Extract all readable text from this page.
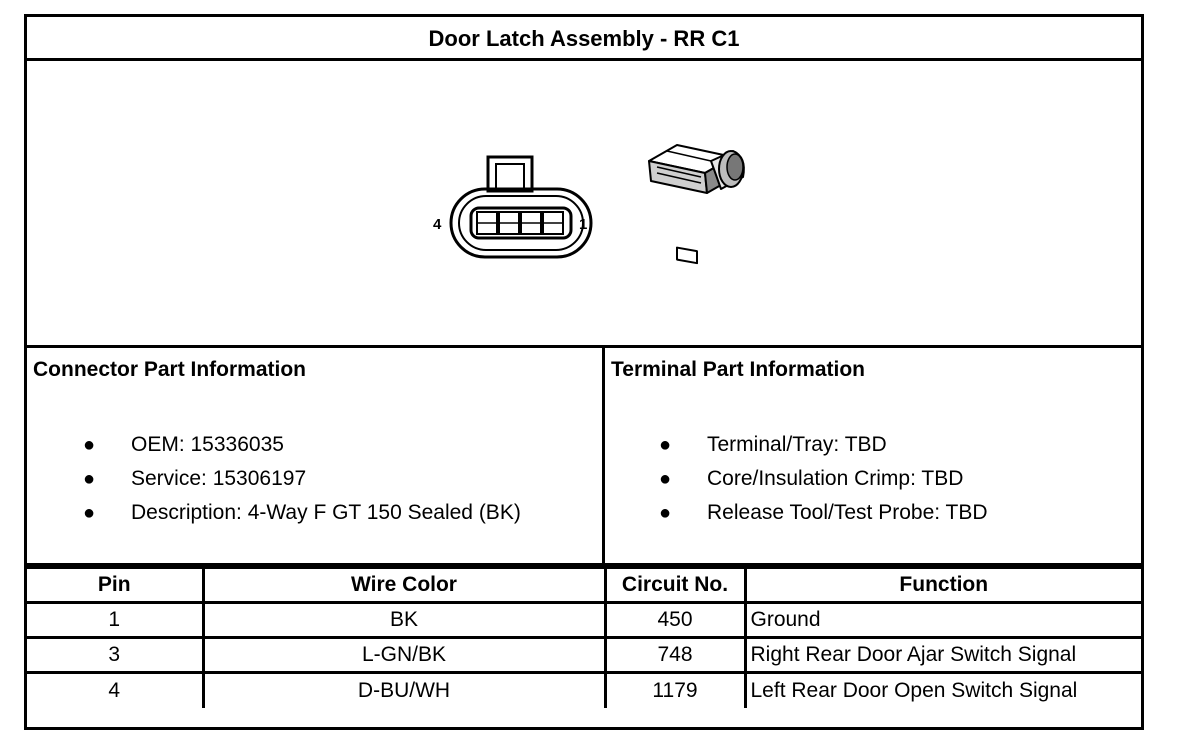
Door Latch Assembly - RR C1
4	1
Connector Part Information
● OEM: 15336035
● Service: 15306197
● Description: 4-Way F GT 150 Sealed (BK)
Terminal Part Information
● Terminal/Tray: TBD
● Core/Insulation Crimp: TBD
● Release Tool/Test Probe: TBD
Pin	Wire Color	Circuit No.	Function
1	BK	450	Ground
3	L-GN/BK	748	Right Rear Door Ajar Switch Signal
4	D-BU/WH	1179	Left Rear Door Open Switch Signal
